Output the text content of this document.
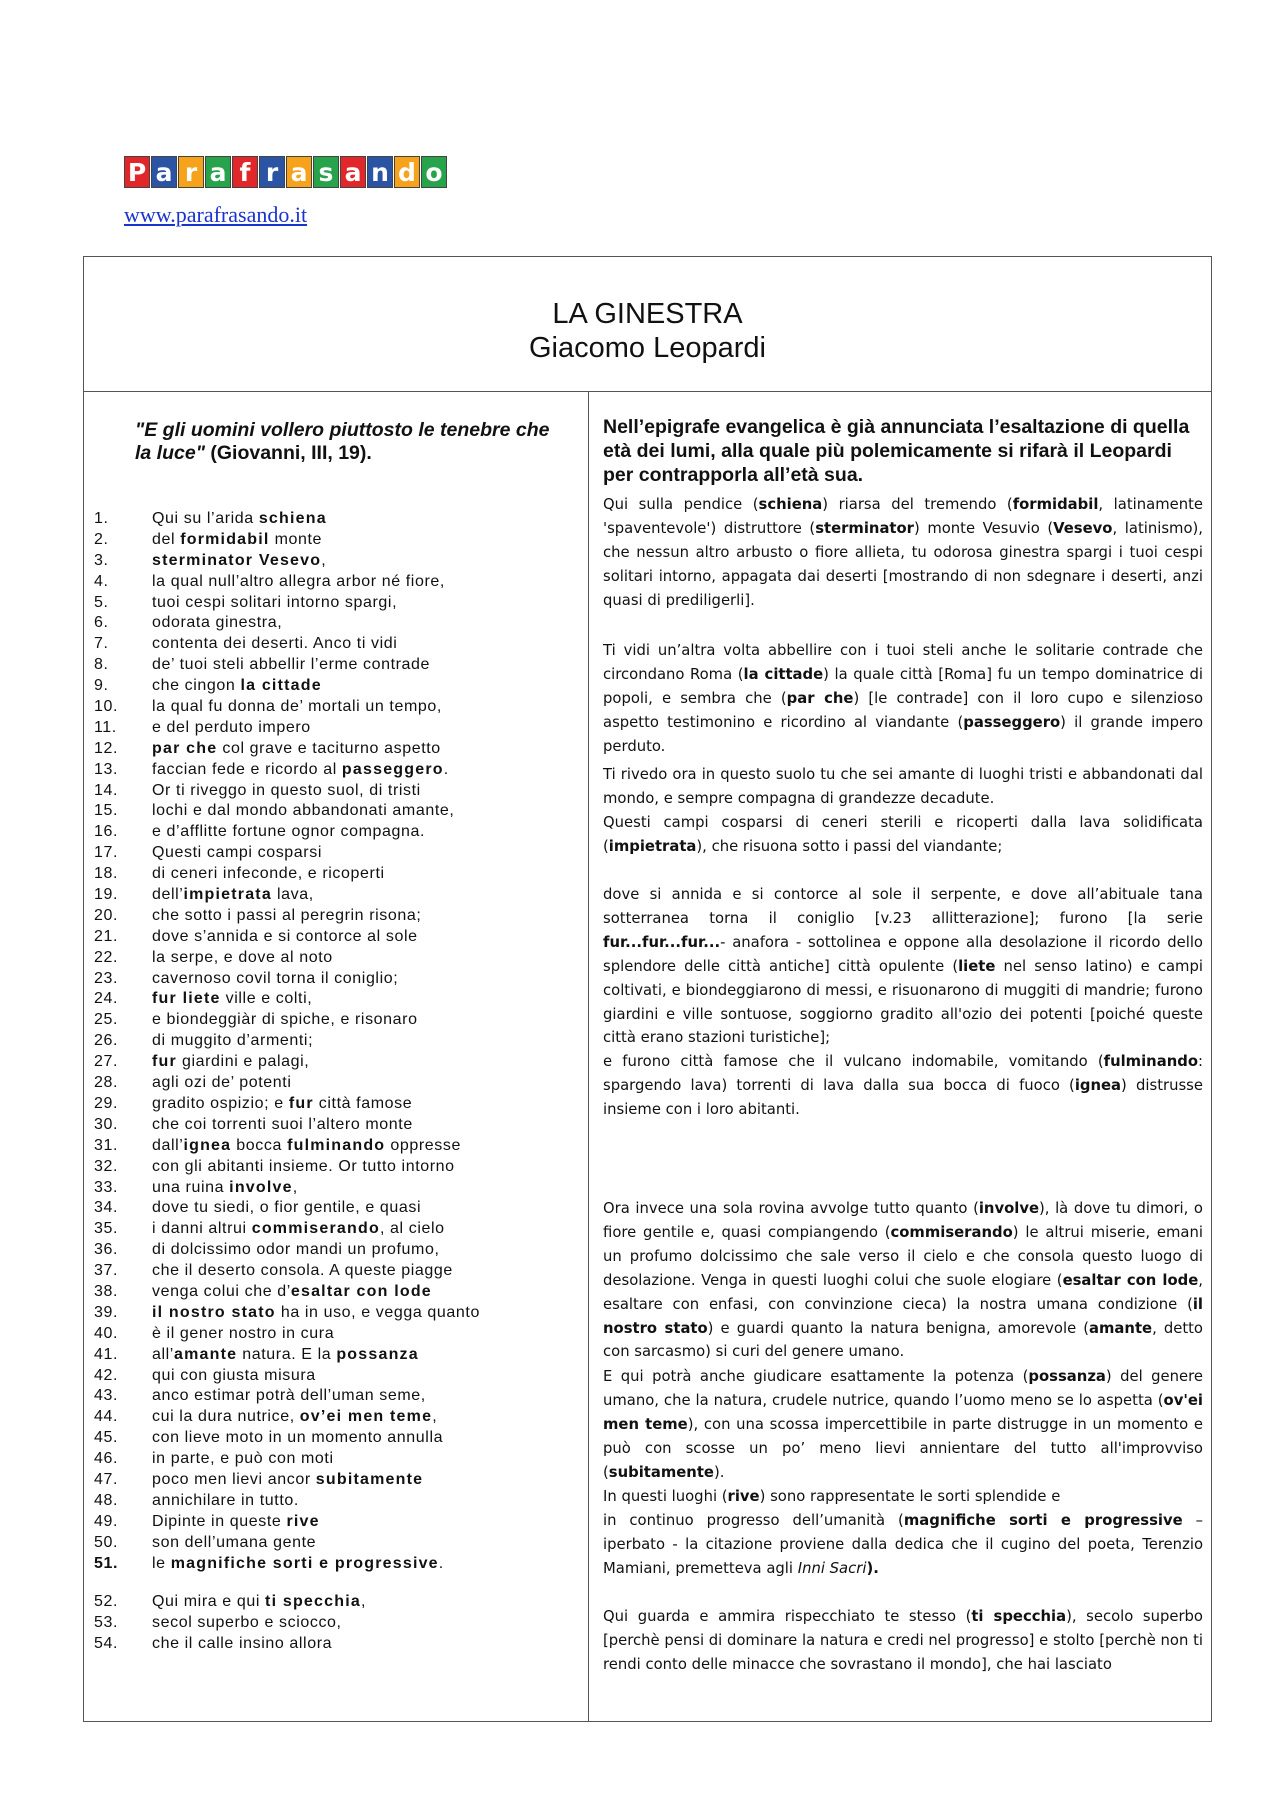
P a r a f r a s a n d o
www.parafrasando.it
LA GINESTRA
Giacomo Leopardi
"E gli uomini vollero piuttosto le tenebre che la luce" (Giovanni, III, 19).
1.	Qui su l’arida schiena
2.	del formidabil monte
3.	sterminator Vesevo,
4.	la qual null’altro allegra arbor né fiore,
5.	tuoi cespi solitari intorno spargi,
6.	odorata ginestra,
7.	contenta dei deserti. Anco ti vidi
8.	de’ tuoi steli abbellir l’erme contrade
9.	che cingon la cittade
10.	la qual fu donna de’ mortali un tempo,
11.	e del perduto impero
12.	par che col grave e taciturno aspetto
13.	faccian fede e ricordo al passeggero.
14.	Or ti riveggo in questo suol, di tristi
15.	lochi e dal mondo abbandonati amante,
16.	e d’afflitte fortune ognor compagna.
17.	Questi campi cosparsi
18.	di ceneri infeconde, e ricoperti
19.	dell’impietrata lava,
20.	che sotto i passi al peregrin risona;
21.	dove s’annida e si contorce al sole
22.	la serpe, e dove al noto
23.	cavernoso covil torna il coniglio;
24.	fur liete ville e colti,
25.	e biondeggiàr di spiche, e risonaro
26.	di muggito d’armenti;
27.	fur giardini e palagi,
28.	agli ozi de’ potenti
29.	gradito ospizio; e fur città famose
30.	che coi torrenti suoi l’altero monte
31.	dall’ignea bocca fulminando oppresse
32.	con gli abitanti insieme. Or tutto intorno
33.	una ruina involve,
34.	dove tu siedi, o fior gentile, e quasi
35.	i danni altrui commiserando, al cielo
36.	di dolcissimo odor mandi un profumo,
37.	che il deserto consola. A queste piagge
38.	venga colui che d’esaltar con lode
39.	il nostro stato ha in uso, e vegga quanto
40.	è il gener nostro in cura
41.	all’amante natura. E la possanza
42.	qui con giusta misura
43.	anco estimar potrà dell’uman seme,
44.	cui la dura nutrice, ov’ei men teme,
45.	con lieve moto in un momento annulla
46.	in parte, e può con moti
47.	poco men lievi ancor subitamente
48.	annichilare in tutto.
49.	Dipinte in queste rive
50.	son dell’umana gente
51.	le magnifiche sorti e progressive.
52.	Qui mira e qui ti specchia,
53.	secol superbo e sciocco,
54.	che il calle insino allora
Nell’epigrafe evangelica è già annunciata l’esaltazione di quella età dei lumi, alla quale più polemicamente si rifarà il Leopardi per contrapporla all’età sua.
Qui sulla pendice (schiena) riarsa del tremendo (formidabil, latinamente 'spaventevole') distruttore (sterminator) monte Vesuvio (Vesevo, latinismo), che nessun altro arbusto o fiore allieta, tu odorosa ginestra spargi i tuoi cespi solitari intorno, appagata dai deserti [mostrando di non sdegnare i deserti, anzi quasi di prediligerli].
Ti vidi un’altra volta abbellire con i tuoi steli anche le solitarie contrade che circondano Roma (la cittade) la quale città [Roma] fu un tempo dominatrice di popoli, e sembra che (par che) [le contrade] con il loro cupo e silenzioso aspetto testimonino e ricordino al viandante (passeggero) il grande impero perduto.
Ti rivedo ora in questo suolo tu che sei amante di luoghi tristi e abbandonati dal mondo, e sempre compagna di grandezze decadute.
Questi campi cosparsi di ceneri sterili e ricoperti dalla lava solidificata (impietrata), che risuona sotto i passi del viandante;
dove si annida e si contorce al sole il serpente, e dove all’abituale tana sotterranea torna il coniglio [v.23 allitterazione]; furono [la serie fur...fur...fur...- anafora - sottolinea e oppone alla desolazione il ricordo dello splendore delle città antiche] città opulente (liete nel senso latino) e campi coltivati, e biondeggiarono di messi, e risuonarono di muggiti di mandrie; furono giardini e ville sontuose, soggiorno gradito all'ozio dei potenti [poiché queste città erano stazioni turistiche];
e furono città famose che il vulcano indomabile, vomitando (fulminando: spargendo lava) torrenti di lava dalla sua bocca di fuoco (ignea) distrusse insieme con i loro abitanti.
Ora invece una sola rovina avvolge tutto quanto (involve), là dove tu dimori, o fiore gentile e, quasi compiangendo (commiserando) le altrui miserie, emani un profumo dolcissimo che sale verso il cielo e che consola questo luogo di desolazione. Venga in questi luoghi colui che suole elogiare (esaltar con lode, esaltare con enfasi, con convinzione cieca) la nostra umana condizione (il nostro stato) e guardi quanto la natura benigna, amorevole (amante, detto con sarcasmo) si curi del genere umano.
E qui potrà anche giudicare esattamente la potenza (possanza) del genere umano, che la natura, crudele nutrice, quando l’uomo meno se lo aspetta (ov'ei men teme), con una scossa impercettibile in parte distrugge in un momento e può con scosse un po’ meno lievi annientare del tutto all'improvviso (subitamente).
In questi luoghi (rive) sono rappresentate le sorti splendide e
in continuo progresso dell’umanità (magnifiche sorti e progressive – iperbato - la citazione proviene dalla dedica che il cugino del poeta, Terenzio Mamiani, premetteva agli Inni Sacri).
Qui guarda e ammira rispecchiato te stesso (ti specchia), secolo superbo [perchè pensi di dominare la natura e credi nel progresso] e stolto [perchè non ti rendi conto delle minacce che sovrastano il mondo], che hai lasciato
